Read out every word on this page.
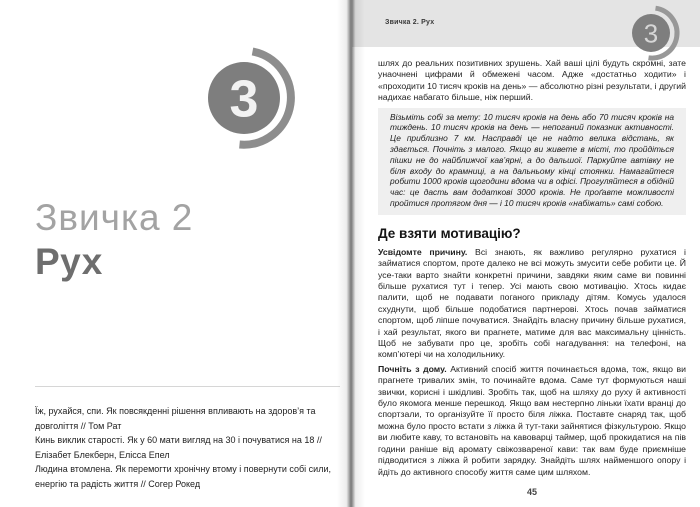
3
Звичка 2
Рух

Їж, рухайся, спи. Як повсякденні рішення впливають на здоров’я та довголіття // Том Рат

Кинь виклик старості. Як у 60 мати вигляд на 30 і почуватися на 18 // Елізабет Блекберн, Елісса Епел

Людина втомлена. Як перемогти хронічну втому і повернути собі сили, енергію та радість життя // Согер Рокед

Звичка 2. Рух	3

шлях до реальних позитивних зрушень. Хай ваші цілі будуть скромні, зате унаочнені цифрами й обмежені часом. Адже «достатньо ходити» і «проходити 10 тисяч кроків на день» — абсолютно різні результати, і другий надихає набагато більше, ніж перший.

Візьміть собі за мету: 10 тисяч кроків на день або 70 тисяч кроків на тиждень. 10 тисяч кроків на день — непоганий показник активності. Це приблизно 7 км. Насправді це не надто велика відстань, як здається. Почніть з малого. Якщо ви живете в місті, то пройдіться пішки не до найближчої кав’ярні, а до дальшої. Паркуйте автівку не біля входу до крамниці, а на дальньому кінці стоянки. Намагайтеся робити 1000 кроків щогодини вдома чи в офісі. Прогуляйтеся в обідній час: це дасть вам додаткові 3000 кроків. Не проґавте можливості пройтися протягом дня — і 10 тисяч кроків «набіжать» самі собою.
Де взяти мотивацію?

Усвідомте причину. Всі знають, як важливо регулярно рухатися і займатися спортом, проте далеко не всі можуть змусити себе робити це. Й усе-таки варто знайти конкретні причини, завдяки яким саме ви повинні більше рухатися тут і тепер. Усі мають свою мотивацію. Хтось кидає палити, щоб не подавати поганого прикладу дітям. Комусь удалося схуднути, щоб більше подобатися партнерові. Хтось почав займатися спортом, щоб ліпше почуватися. Знайдіть власну причину більше рухатися, і хай результат, якого ви прагнете, матиме для вас максимальну цінність. Щоб не забувати про це, зробіть собі нагадування: на телефоні, на комп’ютері чи на холодильнику.

Почніть з дому. Активний спосіб життя починається вдома, тож, якщо ви прагнете тривалих змін, то починайте вдома. Саме тут формуються наші звички, корисні і шкідливі. Зробіть так, щоб на шляху до руху й активності було якомога менше перешкод. Якщо вам нестерпно ліньки їхати вранці до спортзали, то організуйте її просто біля ліжка. Поставте снаряд так, щоб можна було просто встати з ліжка й тут-таки зайнятися фізкультурою. Якщо ви любите каву, то встановіть на кавоварці таймер, щоб прокидатися на пів години раніше від аромату свіжозвареної кави: так вам буде приємніше підводитися з ліжка й робити зарядку. Знайдіть шлях найменшого опору і йдіть до активного способу життя саме цим шляхом.

45
